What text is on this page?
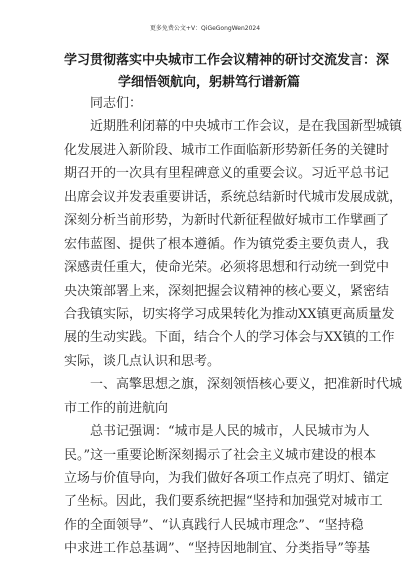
更多免费公文+V：QiGeGongWen2024
学习贯彻落实中央城市工作会议精神的研讨交流发言：深
学细悟领航向，躬耕笃行谱新篇
同志们：
近期胜利闭幕的中央城市工作会议，是在我国新型城镇
化发展进入新阶段、城市工作面临新形势新任务的关键时
期召开的一次具有里程碑意义的重要会议。习近平总书记
出席会议并发表重要讲话，系统总结新时代城市发展成就，
深刻分析当前形势，为新时代新征程做好城市工作擘画了
宏伟蓝图、提供了根本遵循。作为镇党委主要负责人，我
深感责任重大，使命光荣。必须将思想和行动统一到党中
央决策部署上来，深刻把握会议精神的核心要义，紧密结
合我镇实际，切实将学习成果转化为推动XX镇更高质量发
展的生动实践。下面，结合个人的学习体会与XX镇的工作
实际，谈几点认识和思考。
一、高擎思想之旗，深刻领悟核心要义，把准新时代城
市工作的前进航向
总书记强调：“城市是人民的城市，人民城市为人
民。”这一重要论断深刻揭示了社会主义城市建设的根本
立场与价值导向，为我们做好各项工作点亮了明灯、锚定
了坐标。因此，我们要系统把握“坚持和加强党对城市工
作的全面领导”、“认真践行人民城市理念”、“坚持稳
中求进工作总基调”、“坚持因地制宜、分类指导”等基
